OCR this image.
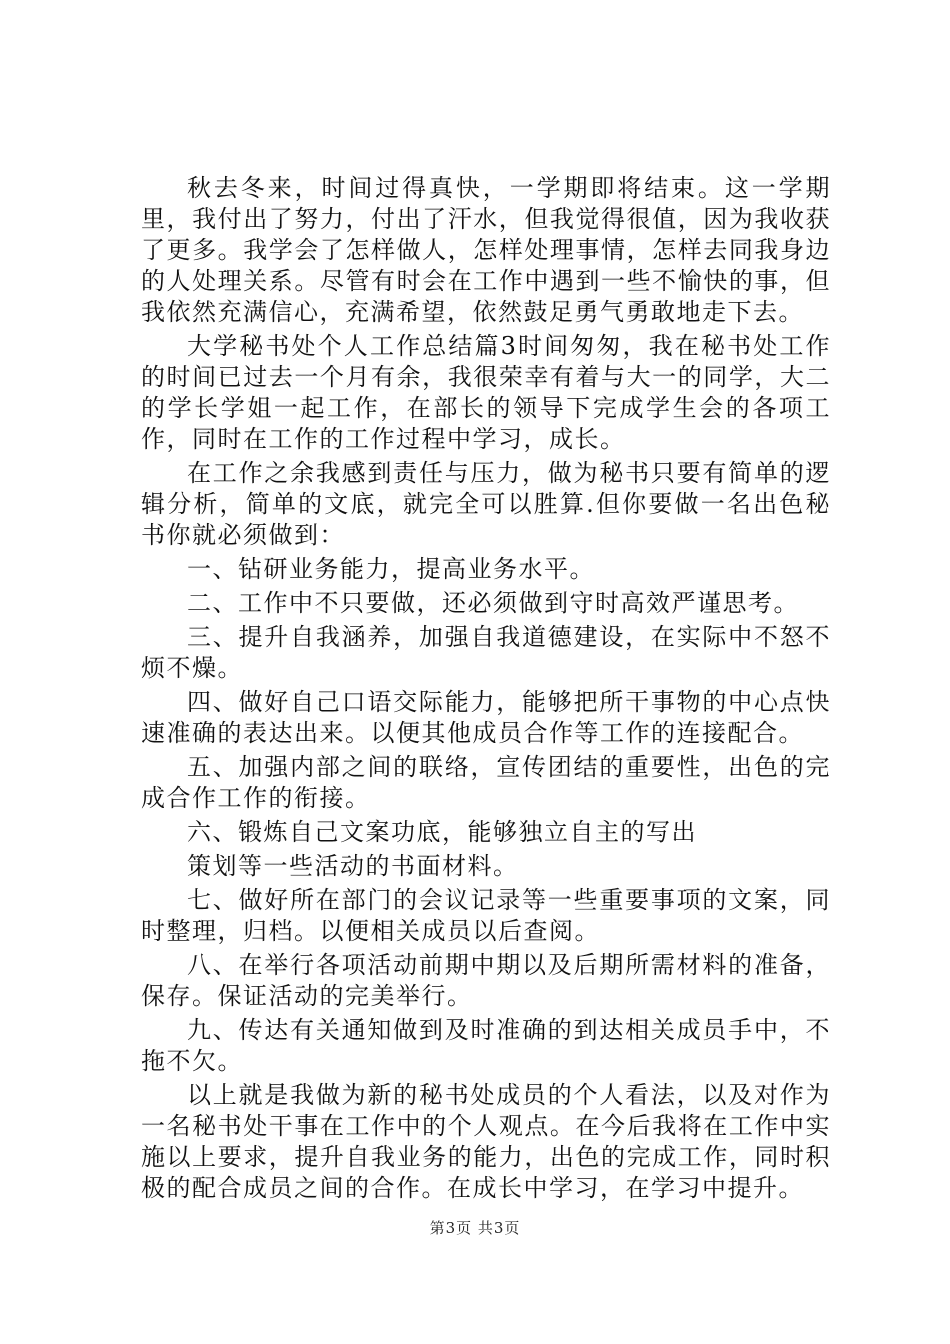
秋去冬来，时间过得真快，一学期即将结束。这一学期里，我付出了努力，付出了汗水，但我觉得很值，因为我收获了更多。我学会了怎样做人，怎样处理事情，怎样去同我身边的人处理关系。尽管有时会在工作中遇到一些不愉快的事，但我依然充满信心，充满希望，依然鼓足勇气勇敢地走下去。

大学秘书处个人工作总结篇3时间匆匆，我在秘书处工作的时间已过去一个月有余，我很荣幸有着与大一的同学，大二的学长学姐一起工作，在部长的领导下完成学生会的各项工作，同时在工作的工作过程中学习，成长。

在工作之余我感到责任与压力，做为秘书只要有简单的逻辑分析，简单的文底，就完全可以胜算.但你要做一名出色秘书你就必须做到：

一、钻研业务能力，提高业务水平。

二、工作中不只要做，还必须做到守时高效严谨思考。

三、提升自我涵养，加强自我道德建设，在实际中不怒不烦不燥。

四、做好自己口语交际能力，能够把所干事物的中心点快速准确的表达出来。以便其他成员合作等工作的连接配合。

五、加强内部之间的联络，宣传团结的重要性，出色的完成合作工作的衔接。

六、锻炼自己文案功底，能够独立自主的写出

策划等一些活动的书面材料。

七、做好所在部门的会议记录等一些重要事项的文案，同时整理，归档。以便相关成员以后查阅。

八、在举行各项活动前期中期以及后期所需材料的准备，保存。保证活动的完美举行。

九、传达有关通知做到及时准确的到达相关成员手中，不拖不欠。

以上就是我做为新的秘书处成员的个人看法，以及对作为一名秘书处干事在工作中的个人观点。在今后我将在工作中实施以上要求，提升自我业务的能力，出色的完成工作，同时积极的配合成员之间的合作。在成长中学习，在学习中提升。

第3页 共3页
